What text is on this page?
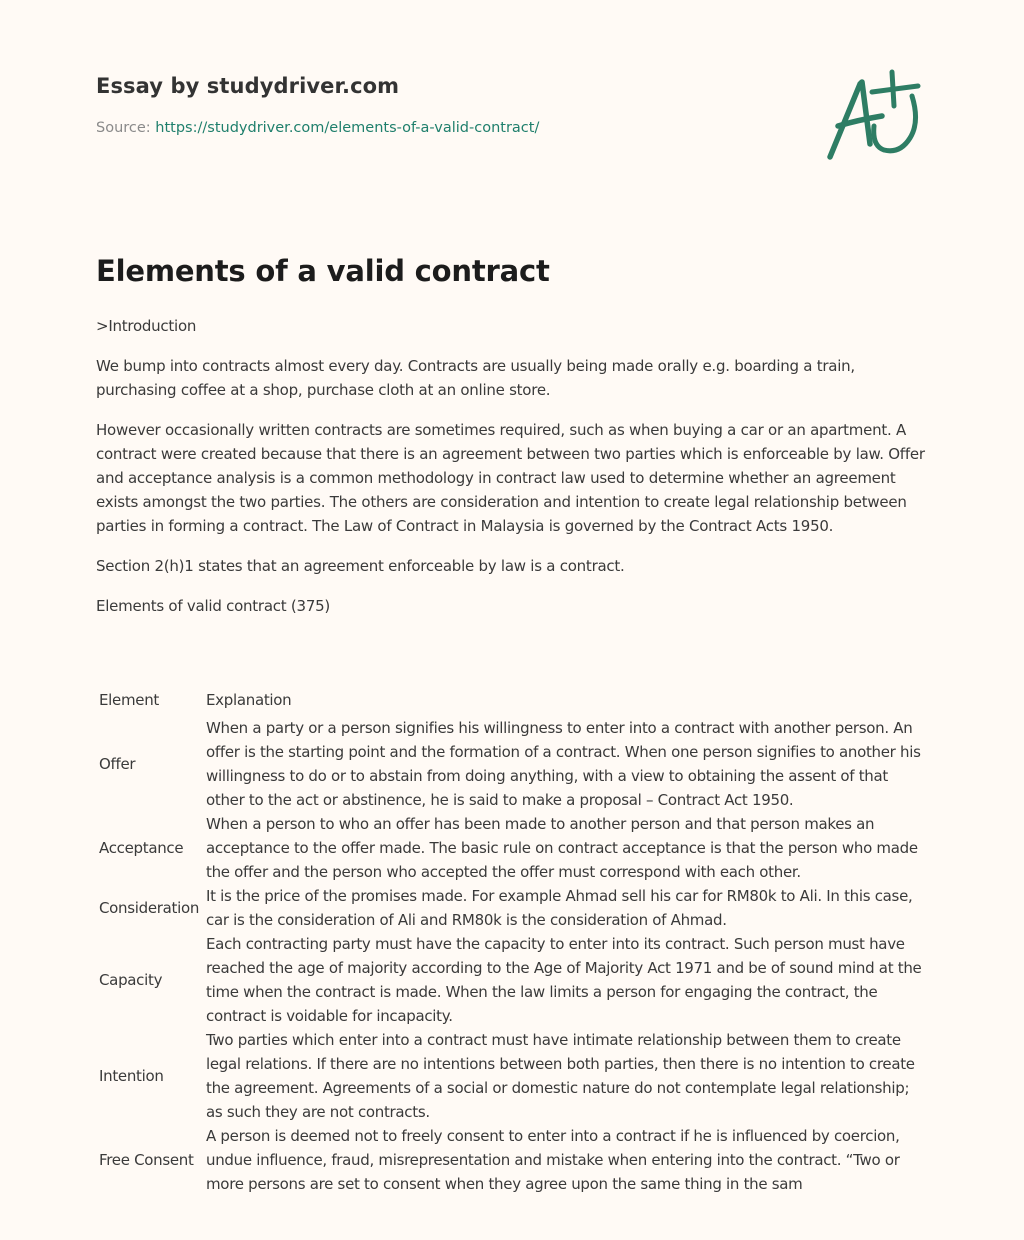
Essay by studydriver.com
Source: https://studydriver.com/elements-of-a-valid-contract/
Elements of a valid contract

>Introduction

We bump into contracts almost every day. Contracts are usually being made orally e.g. boarding a train, purchasing coffee at a shop, purchase cloth at an online store.

However occasionally written contracts are sometimes required, such as when buying a car or an apartment. A contract were created because that there is an agreement between two parties which is enforceable by law. Offer and acceptance analysis is a common methodology in contract law used to determine whether an agreement exists amongst the two parties. The others are consideration and intention to create legal relationship between parties in forming a contract. The Law of Contract in Malaysia is governed by the Contract Acts 1950.

Section 2(h)1 states that an agreement enforceable by law is a contract.

Elements of valid contract (375)

Element	Explanation
Offer	When a party or a person signifies his willingness to enter into a contract with another person. An offer is the starting point and the formation of a contract. When one person signifies to another his willingness to do or to abstain from doing anything, with a view to obtaining the assent of that other to the act or abstinence, he is said to make a proposal – Contract Act 1950.
Acceptance	When a person to who an offer has been made to another person and that person makes an acceptance to the offer made. The basic rule on contract acceptance is that the person who made the offer and the person who accepted the offer must correspond with each other.
Consideration	It is the price of the promises made. For example Ahmad sell his car for RM80k to Ali. In this case, car is the consideration of Ali and RM80k is the consideration of Ahmad.
Capacity	Each contracting party must have the capacity to enter into its contract. Such person must have reached the age of majority according to the Age of Majority Act 1971 and be of sound mind at the time when the contract is made. When the law limits a person for engaging the contract, the contract is voidable for incapacity.
Intention	Two parties which enter into a contract must have intimate relationship between them to create legal relations. If there are no intentions between both parties, then there is no intention to create the agreement. Agreements of a social or domestic nature do not contemplate legal relationship; as such they are not contracts.
Free Consent	A person is deemed not to freely consent to enter into a contract if he is influenced by coercion, undue influence, fraud, misrepresentation and mistake when entering into the contract. “Two or more persons are set to consent when they agree upon the same thing in the sam
